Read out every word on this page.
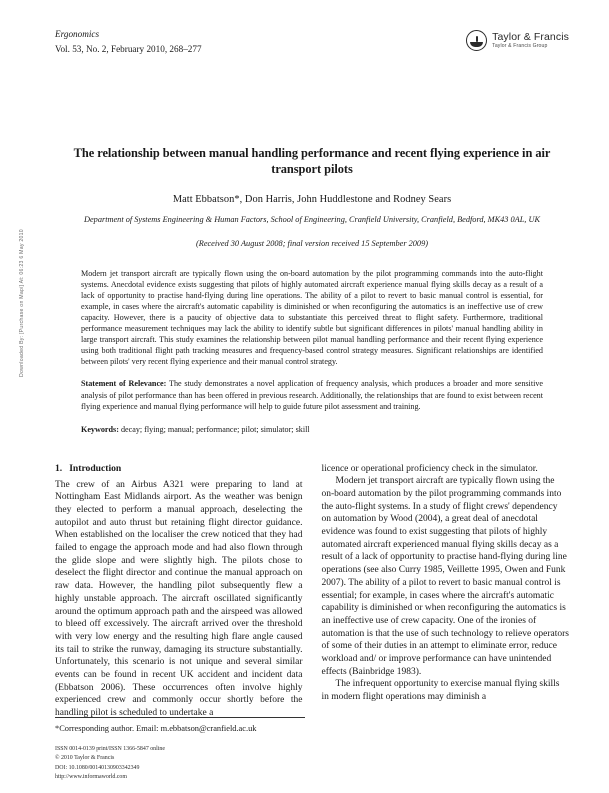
Downloaded By: [Purchase on Mapi] At: 06:23 6 May 2010
Ergonomics
Vol. 53, No. 2, February 2010, 268–277
Taylor & Francis
Taylor & Francis Group
The relationship between manual handling performance and recent flying experience in air transport pilots
Matt Ebbatson*, Don Harris, John Huddlestone and Rodney Sears
Department of Systems Engineering & Human Factors, School of Engineering, Cranfield University, Cranfield, Bedford, MK43 0AL, UK
(Received 30 August 2008; final version received 15 September 2009)

Modern jet transport aircraft are typically flown using the on-board automation by the pilot programming commands into the auto-flight systems. Anecdotal evidence exists suggesting that pilots of highly automated aircraft experience manual flying skills decay as a result of a lack of opportunity to practise hand-flying during line operations. The ability of a pilot to revert to basic manual control is essential, for example, in cases where the aircraft's automatic capability is diminished or when reconfiguring the automatics is an ineffective use of crew capacity. However, there is a paucity of objective data to substantiate this perceived threat to flight safety. Furthermore, traditional performance measurement techniques may lack the ability to identify subtle but significant differences in pilots' manual handling ability in large transport aircraft. This study examines the relationship between pilot manual handling performance and their recent flying experience using both traditional flight path tracking measures and frequency-based control strategy measures. Significant relationships are identified between pilots' very recent flying experience and their manual control strategy.

Statement of Relevance: The study demonstrates a novel application of frequency analysis, which produces a broader and more sensitive analysis of pilot performance than has been offered in previous research. Additionally, the relationships that are found to exist between recent flying experience and manual flying performance will help to guide future pilot assessment and training.

Keywords: decay; flying; manual; performance; pilot; simulator; skill

1. Introduction

The crew of an Airbus A321 were preparing to land at Nottingham East Midlands airport. As the weather was benign they elected to perform a manual approach, deselecting the autopilot and auto thrust but retaining flight director guidance. When established on the localiser the crew noticed that they had failed to engage the approach mode and had also flown through the glide slope and were slightly high. The pilots chose to deselect the flight director and continue the manual approach on raw data. However, the handling pilot subsequently flew a highly unstable approach. The aircraft oscillated significantly around the optimum approach path and the airspeed was allowed to bleed off excessively. The aircraft arrived over the threshold with very low energy and the resulting high flare angle caused its tail to strike the runway, damaging its structure substantially. Unfortunately, this scenario is not unique and several similar events can be found in recent UK accident and incident data (Ebbatson 2006). These occurrences often involve highly experienced crew and commonly occur shortly before the handling pilot is scheduled to undertake a

licence or operational proficiency check in the simulator.

Modern jet transport aircraft are typically flown using the on-board automation by the pilot programming commands into the auto-flight systems. In a study of flight crews' dependency on automation by Wood (2004), a great deal of anecdotal evidence was found to exist suggesting that pilots of highly automated aircraft experienced manual flying skills decay as a result of a lack of opportunity to practise hand-flying during line operations (see also Curry 1985, Veillette 1995, Owen and Funk 2007). The ability of a pilot to revert to basic manual control is essential; for example, in cases where the aircraft's automatic capability is diminished or when reconfiguring the automatics is an ineffective use of crew capacity. One of the ironies of automation is that the use of such technology to relieve operators of some of their duties in an attempt to eliminate error, reduce workload and/ or improve performance can have unintended effects (Bainbridge 1983).

The infrequent opportunity to exercise manual flying skills in modern flight operations may diminish a

*Corresponding author. Email: m.ebbatson@cranfield.ac.uk

ISSN 0014-0139 print/ISSN 1366-5847 online
© 2010 Taylor & Francis
DOI: 10.1080/00140130903342349
http://www.informaworld.com
